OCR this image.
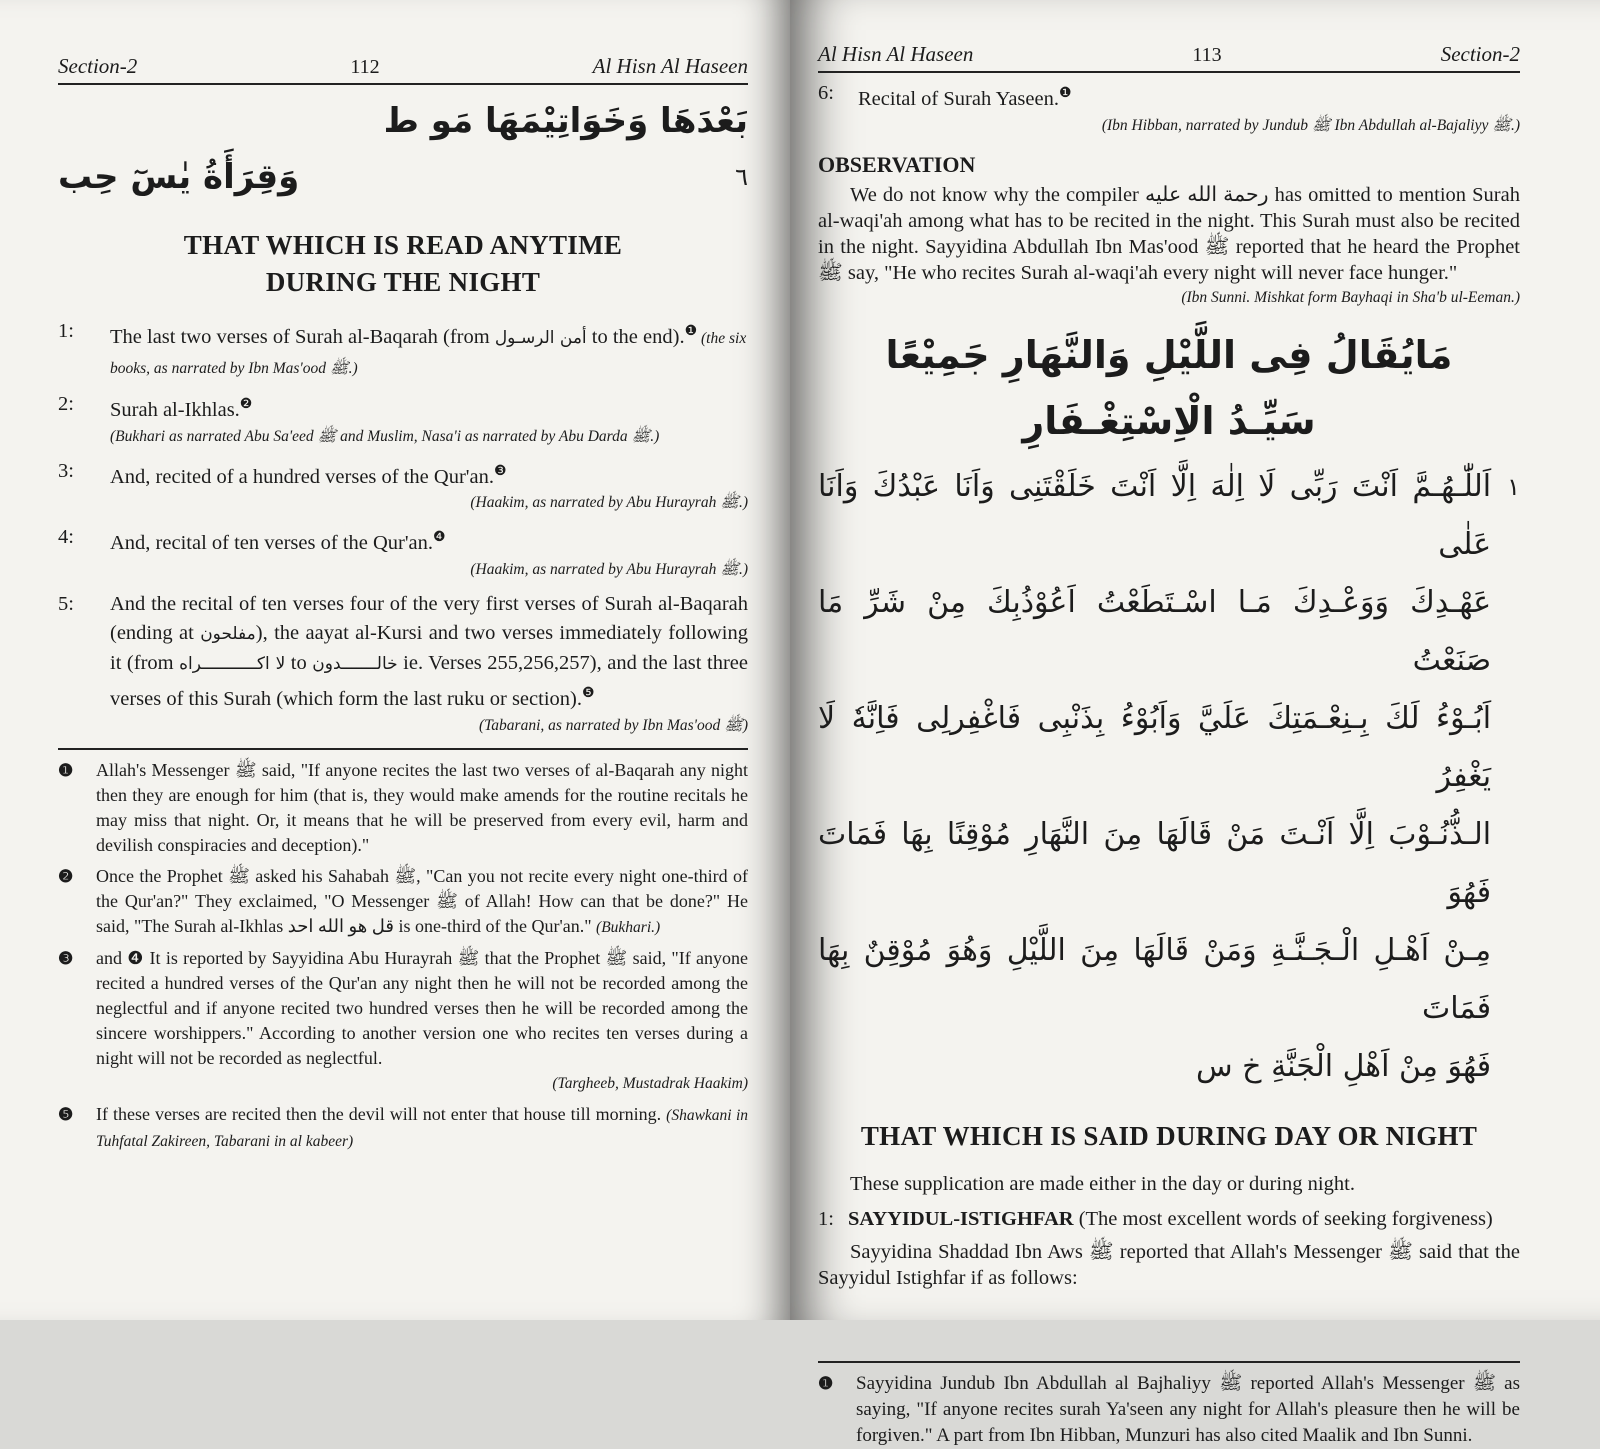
Section-2	112	Al Hisn Al Haseen
بَعْدَهَا وَخَوَاتِيْمَهَا مَو ط
٦
وَقِرَأَةُ يٰسٓ حِب
THAT WHICH IS READ ANYTIME DURING THE NIGHT
1:	The last two verses of Surah al-Baqarah (from أمن الرسـول to the end).$^❶$ (the six books, as narrated by Ibn Mas'ood ﷺ.)
2:	Surah al-Ikhlas.$^❷$
(Bukhari as narrated Abu Sa'eed ﷺ and Muslim, Nasa'i as narrated by Abu Darda ﷺ.)
3:	And, recited of a hundred verses of the Qur'an.$^❸$
(Haakim, as narrated by Abu Hurayrah ﷺ.)
4:	And, recital of ten verses of the Qur'an.$^❹$
(Haakim, as narrated by Abu Hurayrah ﷺ.)
5:	And the recital of ten verses four of the very first verses of Surah al-Baqarah (ending at مفلحون), the aayat al-Kursi and two verses immediately following it (from لا اكـــــــــــراه to خالـــــــدون ie. Verses 255,256,257), and the last three verses of this Surah (which form the last ruku or section).$^❺$
(Tabarani, as narrated by Ibn Mas'ood ﷺ)
❶	Allah's Messenger ﷺ said, "If anyone recites the last two verses of al-Baqarah any night then they are enough for him (that is, they would make amends for the routine recitals he may miss that night. Or, it means that he will be preserved from every evil, harm and devilish conspiracies and deception)."
❷	Once the Prophet ﷺ asked his Sahabah ﷺ, "Can you not recite every night one-third of the Qur'an?" They exclaimed, "O Messenger ﷺ of Allah! How can that be done?" He said, "The Surah al-Ikhlas قل هو الله احد is one-third of the Qur'an." (Bukhari.)
❸	and ❹ It is reported by Sayyidina Abu Hurayrah ﷺ that the Prophet ﷺ said, "If anyone recited a hundred verses of the Qur'an any night then he will not be recorded among the neglectful and if anyone recited two hundred verses then he will be recorded among the sincere worshippers." According to another version one who recites ten verses during a night will not be recorded as neglectful.
(Targheeb, Mustadrak Haakim)
❺	If these verses are recited then the devil will not enter that house till morning. (Shawkani in Tuhfatal Zakireen, Tabarani in al kabeer)
Al Hisn Al Haseen	113	Section-2
6:	Recital of Surah Yaseen.$^❶$
(Ibn Hibban, narrated by Jundub ﷺ Ibn Abdullah al-Bajaliyy ﷺ.)
OBSERVATION
We do not know why the compiler رحمة الله عليه has omitted to mention Surah al-waqi'ah among what has to be recited in the night. This Surah must also be recited in the night. Sayyidina Abdullah Ibn Mas'ood ﷺ reported that he heard the Prophet ﷺ say, "He who recites Surah al-waqi'ah every night will never face hunger."
(Ibn Sunni. Mishkat form Bayhaqi in Sha'b ul-Eeman.)
مَايُقَالُ فِى اللَّيْلِ وَالنَّهَارِ جَمِيْعًا
سَيِّـدُ الْاِسْتِغْـفَارِ
١
اَللّٰـهُـمَّ اَنْتَ رَبِّى لَا اِلٰهَ اِلَّا اَنْتَ خَلَقْتَنِى وَاَنَا عَبْدُكَ وَاَنَا عَلٰى
عَهْـدِكَ وَوَعْـدِكَ مَـا اسْـتَطَعْتُ اَعُوْذُبِكَ مِنْ شَرِّ مَا صَنَعْتُ
اَبُـوْءُ لَكَ بِـنِعْـمَتِكَ عَلَيَّ وَاَبُوْءُ بِذَنْبِى فَاغْفِرلِى فَاِنَّهٗ لَا يَغْفِرُ
الـذُّنُـوْبَ اِلَّا اَنْـتَ مَنْ قَالَهَا مِنَ النَّهَارِ مُوْقِنًا بِهَا فَمَاتَ فَهُوَ
مِـنْ اَهْـلِ الْـجَـنَّـةِ وَمَنْ قَالَهَا مِنَ اللَّيْلِ وَهُوَ مُوْقِنٌ بِهَا فَمَاتَ
فَهُوَ مِنْ اَهْلِ الْجَنَّةِ خ س
THAT WHICH IS SAID DURING DAY OR NIGHT
These supplication are made either in the day or during night.
1: SAYYIDUL-ISTIGHFAR (The most excellent words of seeking forgiveness)
Sayyidina Shaddad Ibn Aws ﷺ reported that Allah's Messenger ﷺ said that the Sayyidul Istighfar if as follows:
❶	Sayyidina Jundub Ibn Abdullah al Bajhaliyy ﷺ reported Allah's Messenger ﷺ as saying, "If anyone recites surah Ya'seen any night for Allah's pleasure then he will be forgiven." A part from Ibn Hibban, Munzuri has also cited Maalik and Ibn Sunni.
